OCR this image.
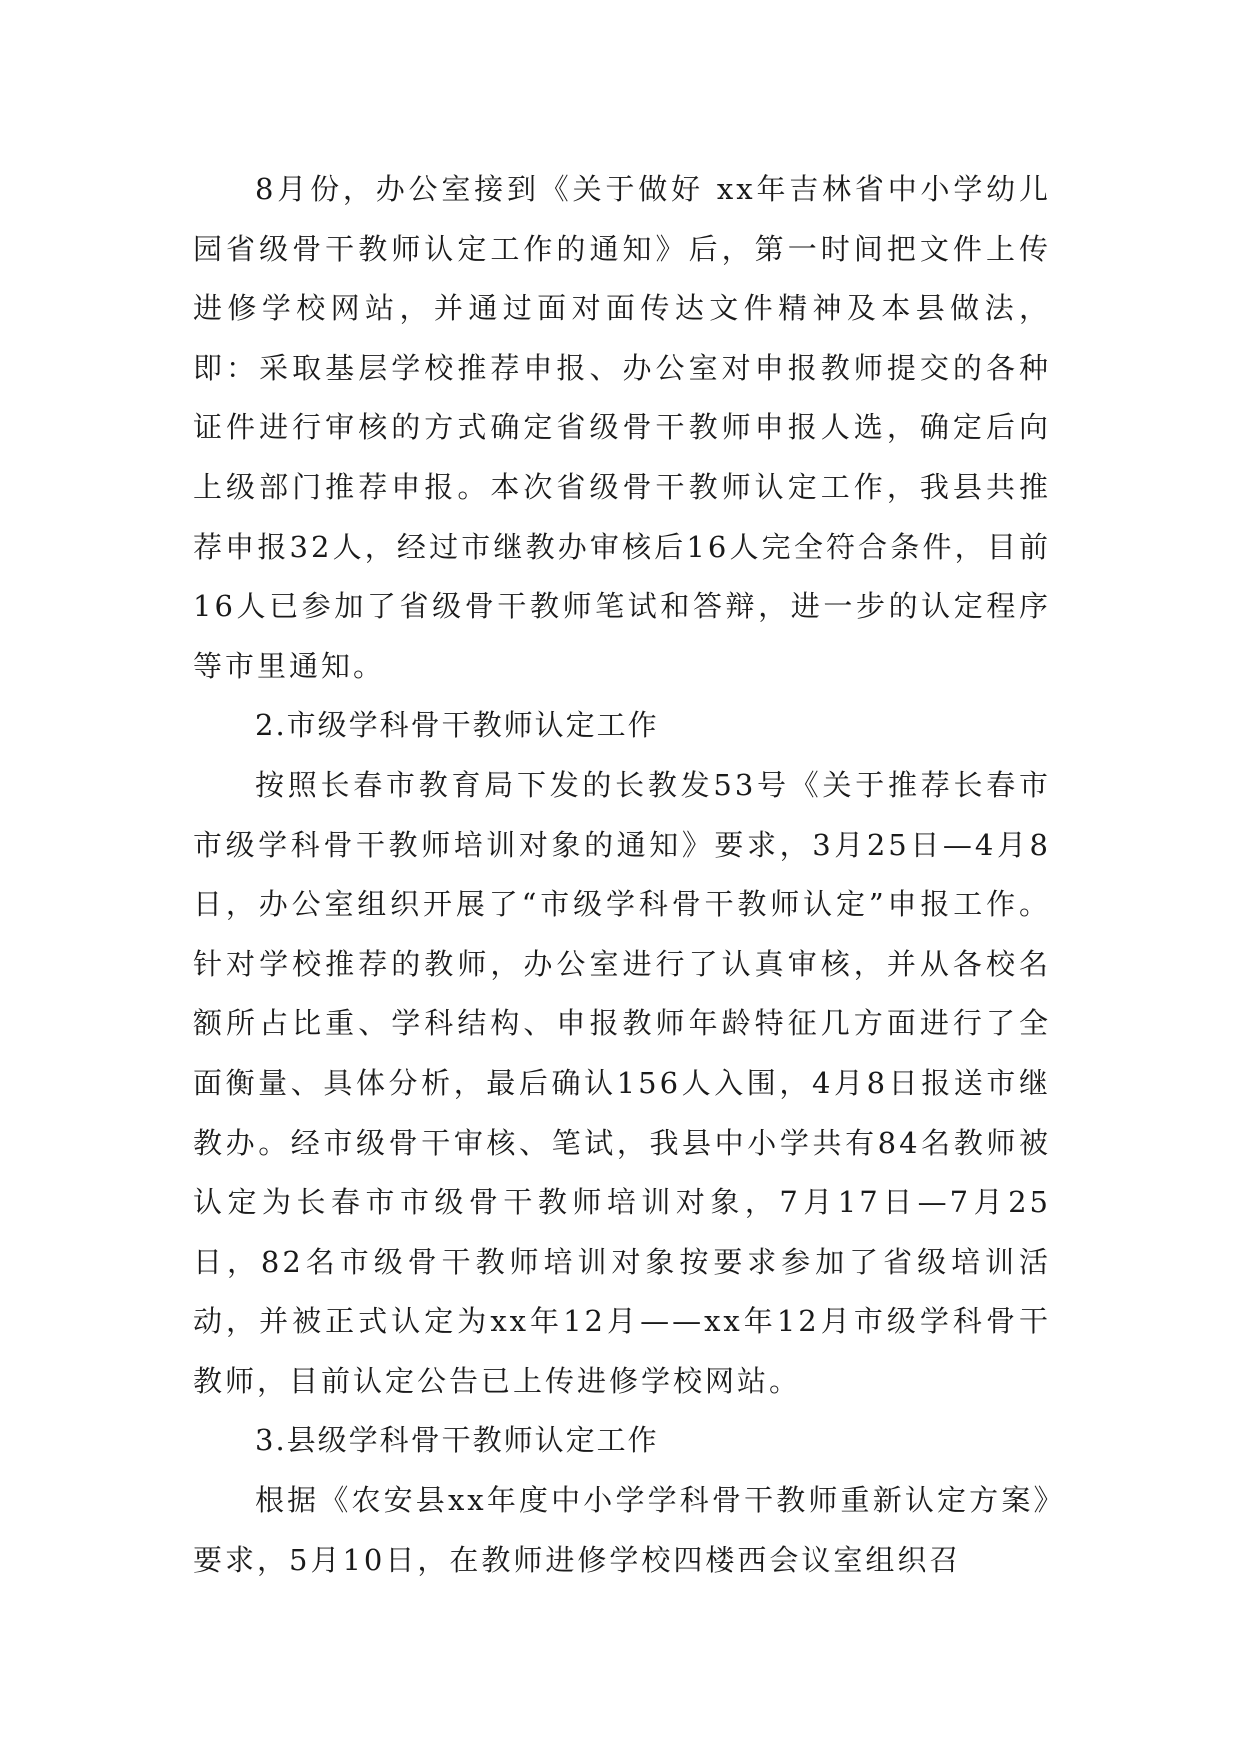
8月份，办公室接到《关于做好 xx年吉林省中小学幼儿园省级骨干教师认定工作的通知》后，第一时间把文件上传进修学校网站，并通过面对面传达文件精神及本县做法，即：采取基层学校推荐申报、办公室对申报教师提交的各种证件进行审核的方式确定省级骨干教师申报人选，确定后向上级部门推荐申报。本次省级骨干教师认定工作，我县共推荐申报32人，经过市继教办审核后16人完全符合条件，目前16人已参加了省级骨干教师笔试和答辩，进一步的认定程序等市里通知。

2.市级学科骨干教师认定工作

按照长春市教育局下发的长教发53号《关于推荐长春市市级学科骨干教师培训对象的通知》要求，3月25日—4月8日，办公室组织开展了“市级学科骨干教师认定”申报工作。针对学校推荐的教师，办公室进行了认真审核，并从各校名额所占比重、学科结构、申报教师年龄特征几方面进行了全面衡量、具体分析，最后确认156人入围，4月8日报送市继教办。经市级骨干审核、笔试，我县中小学共有84名教师被认定为长春市市级骨干教师培训对象，7月17日—7月25日，82名市级骨干教师培训对象按要求参加了省级培训活动，并被正式认定为xx年12月——xx年12月市级学科骨干教师，目前认定公告已上传进修学校网站。

3.县级学科骨干教师认定工作

根据《农安县xx年度中小学学科骨干教师重新认定方案》要求，5月10日，在教师进修学校四楼西会议室组织召
